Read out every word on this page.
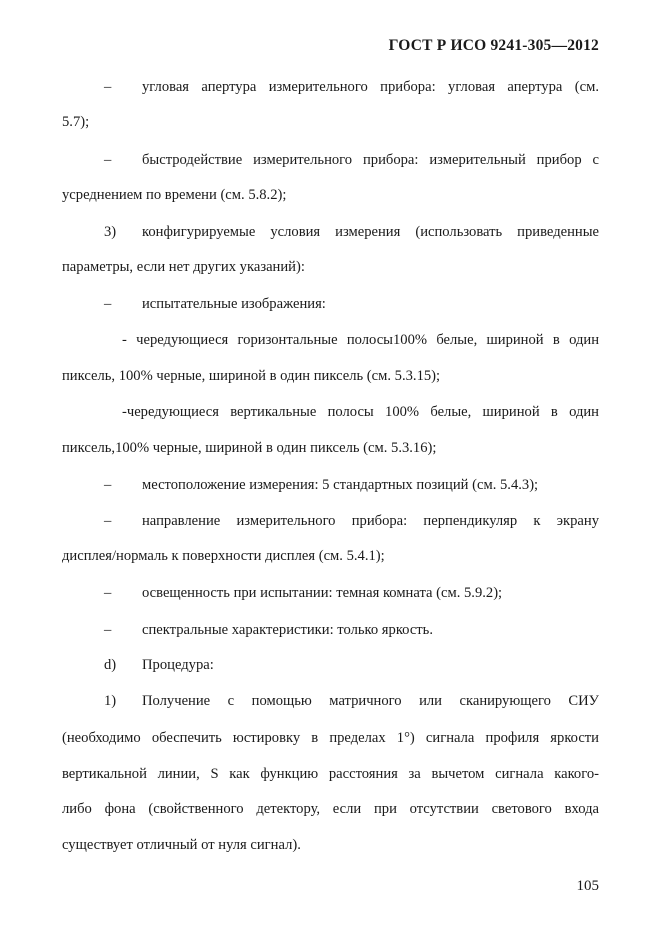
ГОСТ Р ИСО 9241-305—2012
– угловая апертура измерительного прибора: угловая апертура (см.
5.7);
– быстродействие измерительного прибора: измерительный прибор с
усреднением по времени (см. 5.8.2);
3) конфигурируемые условия измерения (использовать приведенные
параметры, если нет других указаний):
– испытательные изображения:
- чередующиеся горизонтальные полосы100% белые, шириной в один
пиксель, 100% черные, шириной в один пиксель (см. 5.3.15);
-чередующиеся вертикальные полосы 100% белые, шириной в один
пиксель,100% черные, шириной в один пиксель (см. 5.3.16);
– местоположение измерения: 5 стандартных позиций (см. 5.4.3);
– направление измерительного прибора: перпендикуляр к экрану
дисплея/нормаль к поверхности дисплея (см. 5.4.1);
– освещенность при испытании: темная комната (см. 5.9.2);
– спектральные характеристики: только яркость.
d) Процедура:
1) Получение с помощью матричного или сканирующего СИУ
(необходимо обеспечить юстировку в пределах 1°) сигнала профиля яркости
вертикальной линии, S как функцию расстояния за вычетом сигнала какого-
либо фона (свойственного детектору, если при отсутствии светового входа
существует отличный от нуля сигнал).
105
